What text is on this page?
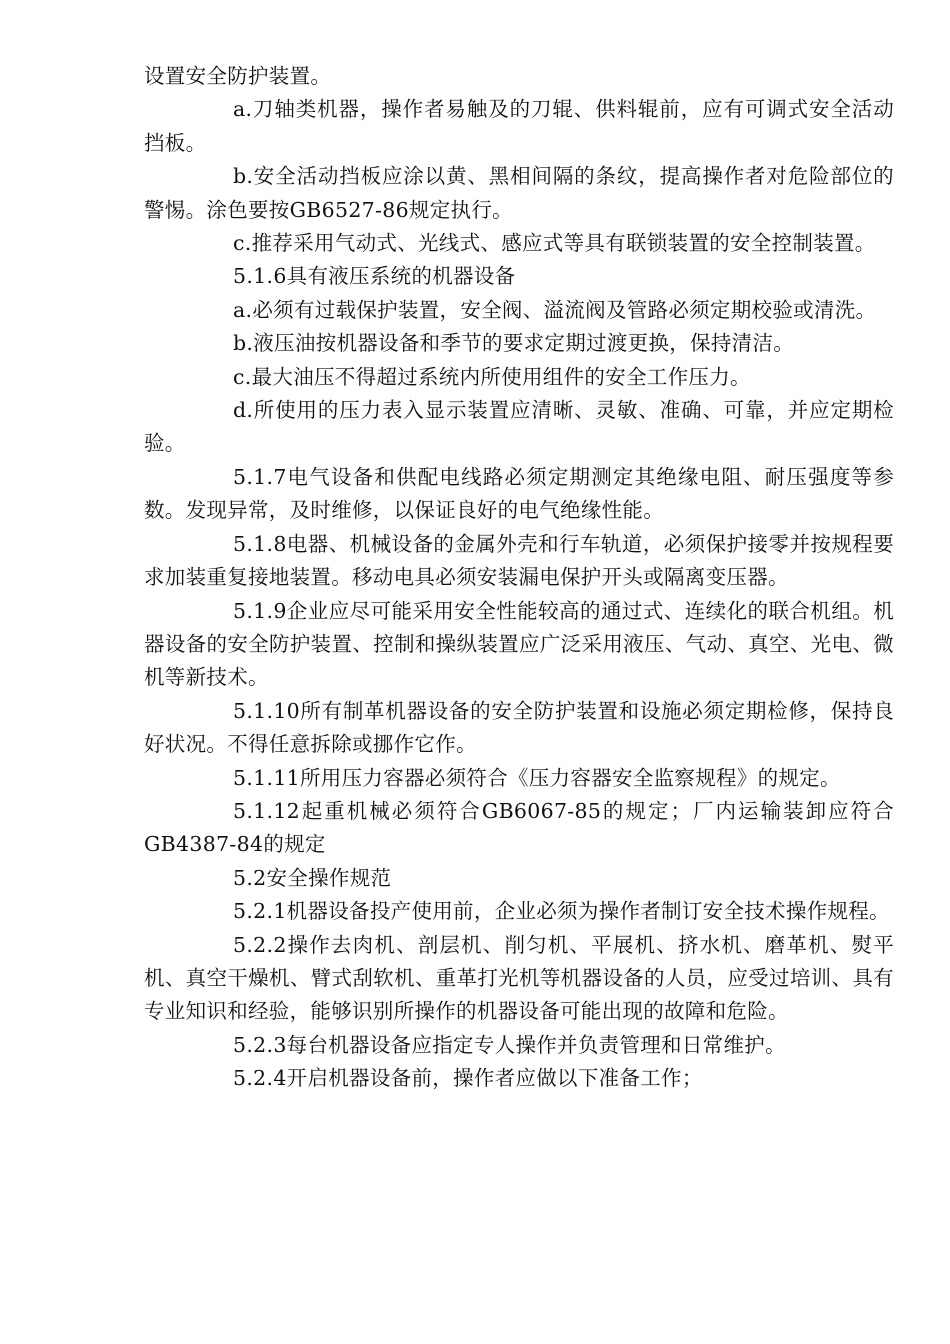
设置安全防护装置。

a.刀轴类机器，操作者易触及的刀辊、供料辊前，应有可调式安全活动挡板。

b.安全活动挡板应涂以黄、黑相间隔的条纹，提高操作者对危险部位的警惕。涂色要按GB6527-86规定执行。

c.推荐采用气动式、光线式、感应式等具有联锁装置的安全控制装置。

5.1.6具有液压系统的机器设备

a.必须有过载保护装置，安全阀、溢流阀及管路必须定期校验或清洗。

b.液压油按机器设备和季节的要求定期过渡更换，保持清洁。

c.最大油压不得超过系统内所使用组件的安全工作压力。

d.所使用的压力表入显示装置应清晰、灵敏、准确、可靠，并应定期检验。

5.1.7电气设备和供配电线路必须定期测定其绝缘电阻、耐压强度等参数。发现异常，及时维修，以保证良好的电气绝缘性能。

5.1.8电器、机械设备的金属外壳和行车轨道，必须保护接零并按规程要求加装重复接地装置。移动电具必须安装漏电保护开头或隔离变压器。

5.1.9企业应尽可能采用安全性能较高的通过式、连续化的联合机组。机器设备的安全防护装置、控制和操纵装置应广泛采用液压、气动、真空、光电、微机等新技术。

5.1.10所有制革机器设备的安全防护装置和设施必须定期检修，保持良好状况。不得任意拆除或挪作它作。

5.1.11所用压力容器必须符合《压力容器安全监察规程》的规定。

5.1.12起重机械必须符合GB6067-85的规定；厂内运输装卸应符合GB4387-84的规定

5.2安全操作规范

5.2.1机器设备投产使用前，企业必须为操作者制订安全技术操作规程。

5.2.2操作去肉机、剖层机、削匀机、平展机、挤水机、磨革机、熨平机、真空干燥机、臂式刮软机、重革打光机等机器设备的人员，应受过培训、具有专业知识和经验，能够识别所操作的机器设备可能出现的故障和危险。

5.2.3每台机器设备应指定专人操作并负责管理和日常维护。

5.2.4开启机器设备前，操作者应做以下准备工作；
